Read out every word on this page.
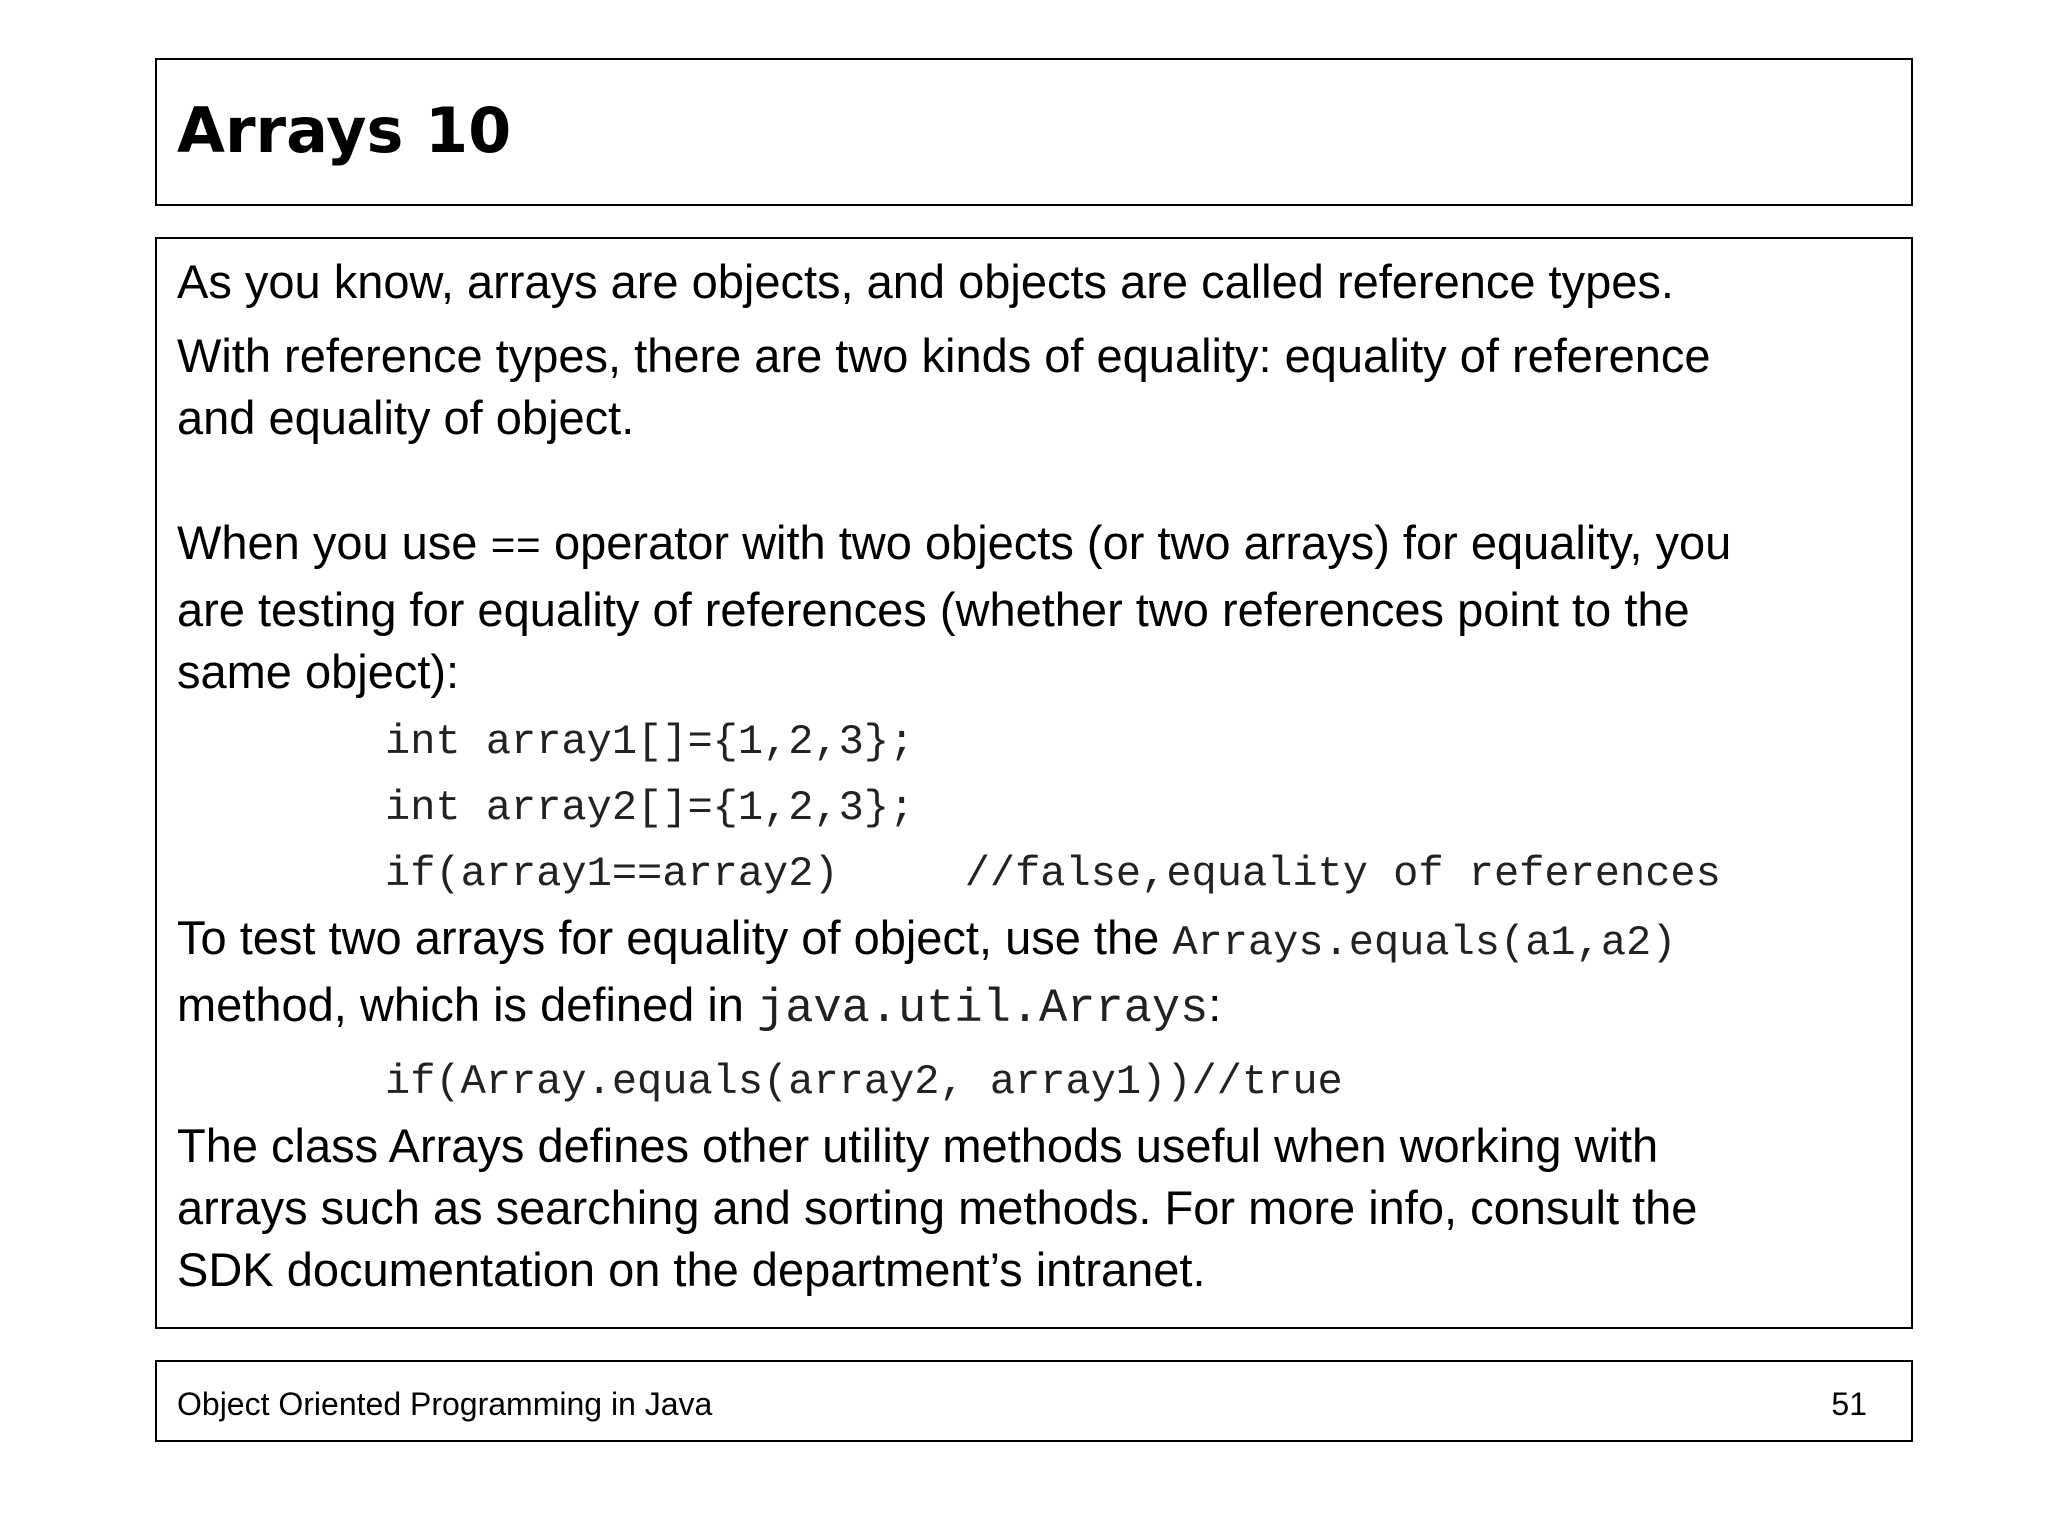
Arrays 10

As you know, arrays are objects, and objects are called reference types.

With reference types, there are two kinds of equality: equality of reference

and equality of object.

When you use == operator with two objects (or two arrays) for equality, you

are testing for equality of references (whether two references point to the

same object):

int array1[]={1,2,3};

int array2[]={1,2,3};

if(array1==array2)     //false,equality of references

To test two arrays for equality of object, use the Arrays.equals(a1,a2)

method, which is defined in java.util.Arrays:

if(Array.equals(array2, array1))//true

The class Arrays defines other utility methods useful when working with

arrays such as searching and sorting methods. For more info, consult the

SDK documentation on the department’s intranet.

Object Oriented Programming in Java	51
